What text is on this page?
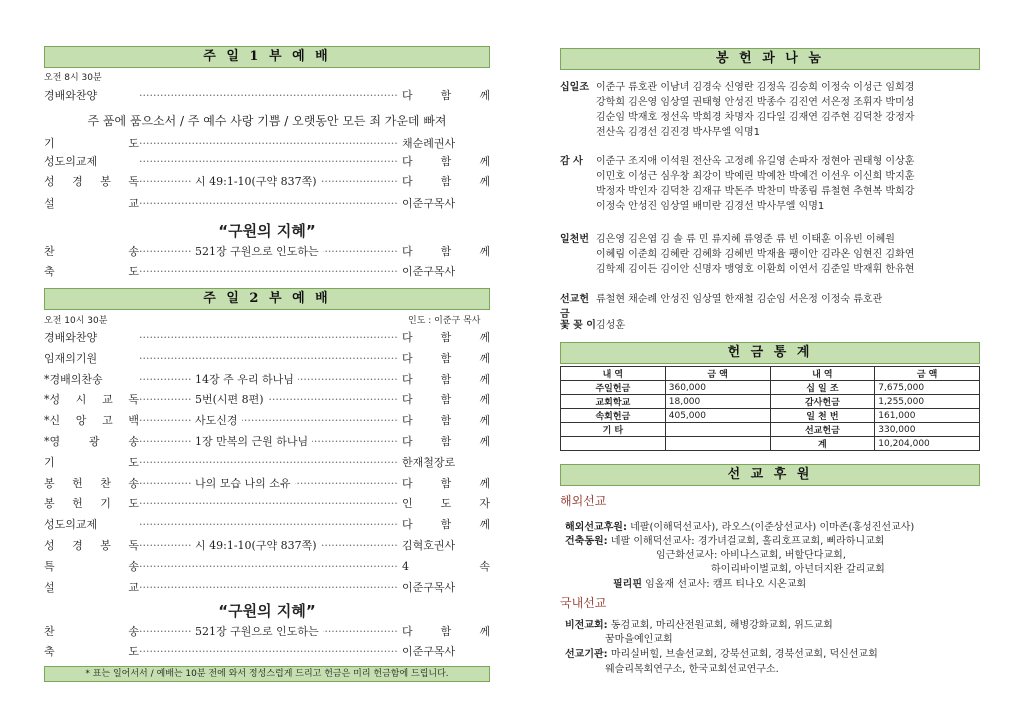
주 일 1 부 예 배
오전 8시 30분
경배와찬양 ·····	다 함 께
기 도 ·····	채순례권사
성도의교제 ·····	다 함 께
성 경 봉 독	시 49:1-10(구약 837쪽) ·····	다 함 께
설 교 ·····	이준구목사
주 품에 품으소서 / 주 예수 사랑 기쁨 / 오랫동안 모든 죄 가운데 빠져
“구원의 지혜”
찬 송	521장 구원으로 인도하는 ·····	다 함 께
축 도 ·····	이준구목사
주 일 2 부 예 배
오전 10시 30분	인도 : 이준구 목사
경배와찬양 ·····	다 함 께
임재의기원 ·····	다 함 께
*경배의찬송	14장 주 우리 하나님 ·····	다 함 께
*성 시 교 독	5번(시편 8편) ·····	다 함 께
*신 앙 고 백	사도신경 ·····	다 함 께
*영 광 송	1장 만복의 근원 하나님 ·····	다 함 께
기 도 ·····	한재철장로
봉 헌 찬 송	나의 모습 나의 소유 ·····	다 함 께
봉 헌 기 도 ·····	인 도 자
성도의교제 ·····	다 함 께
성 경 봉 독	시 49:1-10(구약 837쪽) ·····	김혁호권사
특 송 ·····	4 속
설 교 ·····	이준구목사
“구원의 지혜”
찬 송	521장 구원으로 인도하는 ·····	다 함 께
축 도 ·····	이준구목사
* 표는 일어서서 / 예배는 10분 전에 와서 정성스럽게 드리고 헌금은 미리 헌금함에 드립니다.
봉 헌 과 나 눔
십일조 이준구 류호관 이남녀 김경숙 신영란 김정옥 김승희 이정숙 이성근 임희경
강학희 김은영 임상열 권태형 안성진 박종수 김진연 서은정 조휘자 박미성
김순임 박재호 정선옥 박희경 차명자 김다일 김재연 김주현 김덕찬 강정자
전산옥 김경선 김진경 박사무엘 익명1
감 사	이준구 조지애 이석원 전산옥 고정례 유길영 손파자 정현아 권태형 이상훈
이민호 이성근 심우창 최강이 박예린 박예찬 박예건 이선우 이신희 박지훈
박정자 박인자 김덕찬 김재규 박돈주 박찬미 박종림 류철현 추현복 박희강
이정숙 안성진 임상열 배미란 김경선 박사무엘 익명1
일천번 김은영 김은엽 김 솔 류 민 류지혜 류영준 류 빈 이태훈 이유빈 이혜원
이혜림 이준희 김혜란 김혜화 김혜빈 박재율 팽이안 김라온 임현진 김화연
김학제 김이든 김이안 신명자 맹영호 이환희 이연서 김준일 박재휘 한유현
선교헌금
류철현 채순례 안성진 임상열 한재철 김순임 서은정 이정숙 류호관
꽃 꽂 이 김성훈
헌 금 통 계
내 역	금 액	내 역	금 액
주일헌금	360,000	십 일 조	7,675,000
교회학교	18,000	감사헌금	1,255,000
속회헌금	405,000	일 천 번	161,000
기 타		선교헌금	330,000
		계	10,204,000
선 교 후 원
해외선교
국내선교
해외선교후원: 네팔(이해덕선교사), 라오스(이준상선교사) 이마존(홍성진선교사)
건축동원: 네팔 이해덕선교사: 경가녀걸교회, 홀리호프교회, 삐라하니교회
임근화선교사: 아비나스교회, 버할단다교회,
하이리바이벌교회, 아넌더지완 갈리교회
필리핀 임올재 선교사: 캠프 티나오 시온교회
비전교회: 동검교회, 마리산전원교회, 해병강화교회, 위드교회
꿈마을예인교회
선교기관: 마리실버힐, 브솔선교회, 강북선교회, 경북선교회, 덕신선교회
웨슬리목회연구소, 한국교회선교연구소.
